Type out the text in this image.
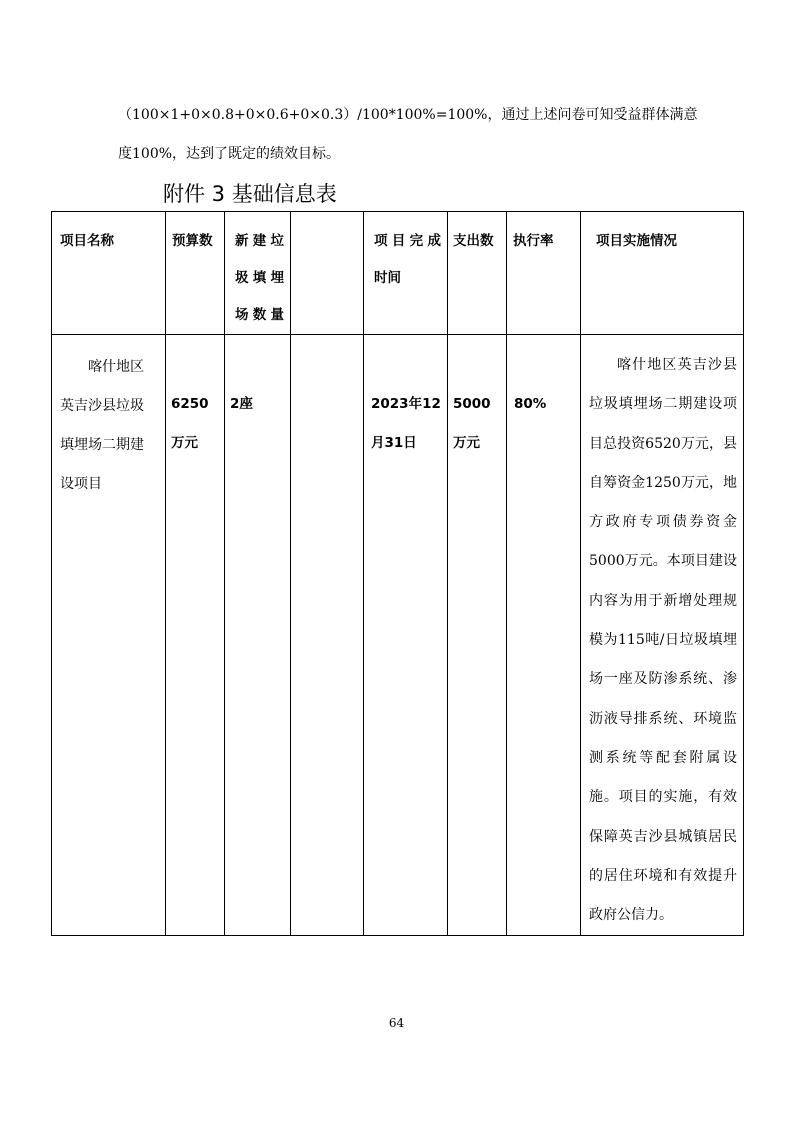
（100×1+0×0.8+0×0.6+0×0.3）/100*100%=100%，通过上述问卷可知受益群体满意
度100%，达到了既定的绩效目标。
附件 3 基础信息表
项目名称	预算数	新建垃圾填埋场数量		项目完成时间	支出数	执行率	项目实施情况
喀什地区英吉沙县垃圾填埋场二期建设项目	6250万元	2座		2023年12月31日	5000万元	80%	喀什地区英吉沙县垃圾填埋场二期建设项目总投资6520万元，县自筹资金1250万元，地方政府专项债券资金5000万元。本项目建设内容为用于新增处理规模为115吨/日垃圾填埋场一座及防渗系统、渗沥液导排系统、环境监测系统等配套附属设施。项目的实施，有效保障英吉沙县城镇居民的居住环境和有效提升政府公信力。
64
